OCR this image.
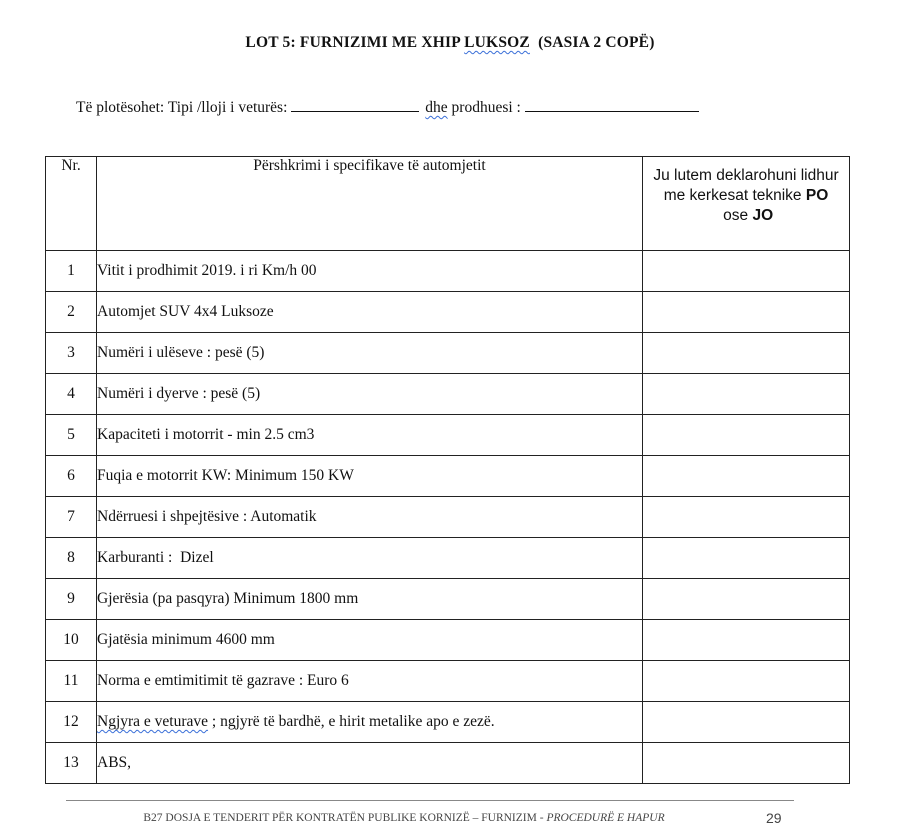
LOT 5: FURNIZIMI ME XHIP LUKSOZ  (SASIA 2 COPË)
Të plotësohet: Tipi /lloji i veturës:	dhe prodhuesi :
Nr.	Përshkrimi i specifikave të automjetit	Ju lutem deklarohuni lidhur me kerkesat teknike PO ose JO
1	Vitit i prodhimit 2019. i ri Km/h 00	
2	Automjet SUV 4x4 Luksoze	
3	Numëri i ulëseve : pesë (5)	
4	Numëri i dyerve : pesë (5)	
5	Kapaciteti i motorrit - min 2.5 cm3	
6	Fuqia e motorrit KW: Minimum 150 KW	
7	Ndërruesi i shpejtësive : Automatik	
8	Karburanti :  Dizel	
9	Gjerësia (pa pasqyra) Minimum 1800 mm	
10	Gjatësia minimum 4600 mm	
11	Norma e emtimitimit të gazrave : Euro 6	
12	Ngjyra e veturave ; ngjyrë të bardhë, e hirit metalike apo e zezë.	
13	ABS,	
B27 DOSJA E TENDERIT PËR KONTRATËN PUBLIKE KORNIZË – FURNIZIM - PROCEDURË E HAPUR	29
